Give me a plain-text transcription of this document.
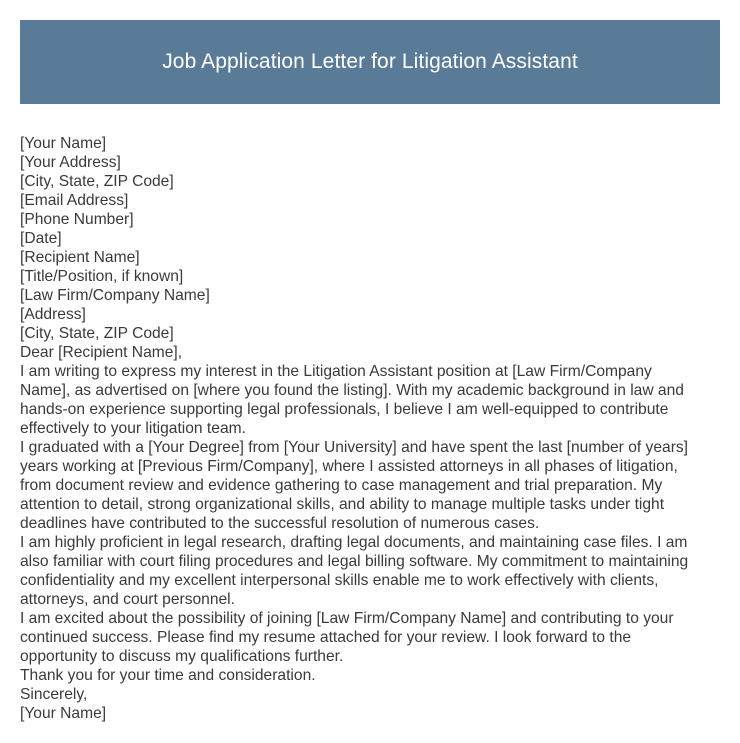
Job Application Letter for Litigation Assistant
[Your Name]
[Your Address]
[City, State, ZIP Code]
[Email Address]
[Phone Number]
[Date]
[Recipient Name]
[Title/Position, if known]
[Law Firm/Company Name]
[Address]
[City, State, ZIP Code]
Dear [Recipient Name],
I am writing to express my interest in the Litigation Assistant position at [Law Firm/Company
Name], as advertised on [where you found the listing]. With my academic background in law and
hands-on experience supporting legal professionals, I believe I am well-equipped to contribute
effectively to your litigation team.
I graduated with a [Your Degree] from [Your University] and have spent the last [number of years]
years working at [Previous Firm/Company], where I assisted attorneys in all phases of litigation,
from document review and evidence gathering to case management and trial preparation. My
attention to detail, strong organizational skills, and ability to manage multiple tasks under tight
deadlines have contributed to the successful resolution of numerous cases.
I am highly proficient in legal research, drafting legal documents, and maintaining case files. I am
also familiar with court filing procedures and legal billing software. My commitment to maintaining
confidentiality and my excellent interpersonal skills enable me to work effectively with clients,
attorneys, and court personnel.
I am excited about the possibility of joining [Law Firm/Company Name] and contributing to your
continued success. Please find my resume attached for your review. I look forward to the
opportunity to discuss my qualifications further.
Thank you for your time and consideration.
Sincerely,
[Your Name]
